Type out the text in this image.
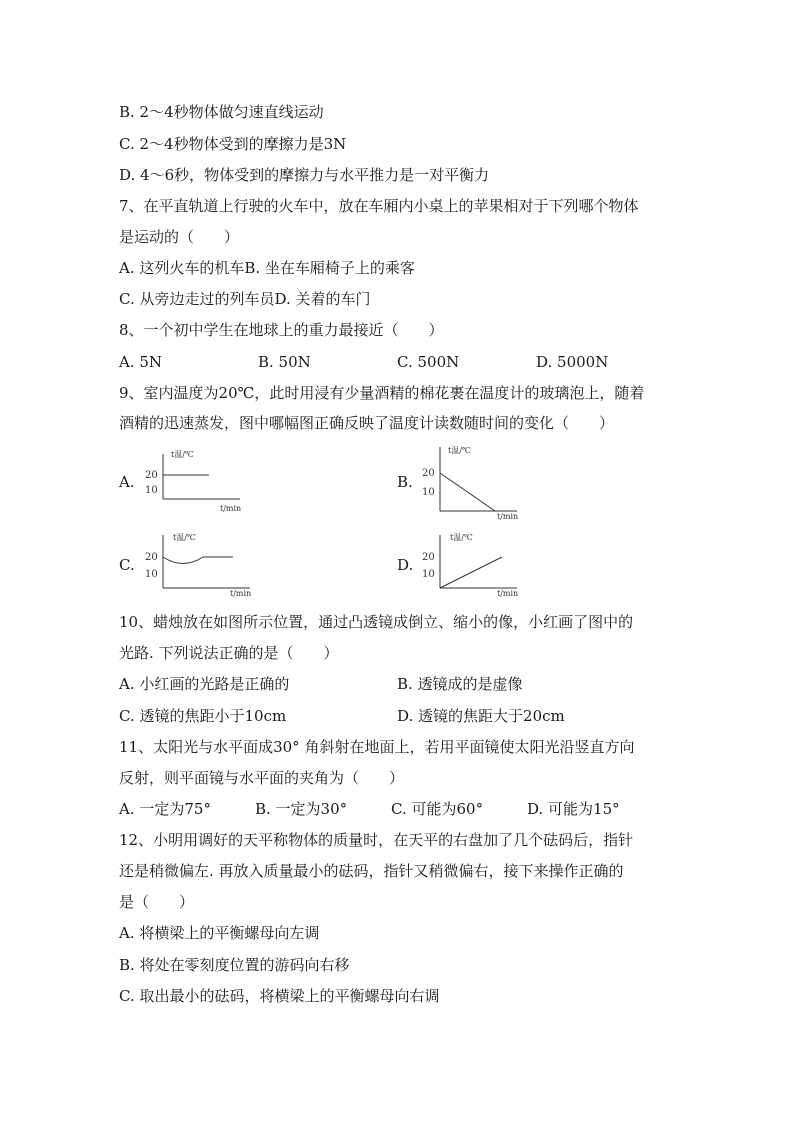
B. 2～4秒物体做匀速直线运动
C. 2～4秒物体受到的摩擦力是3N
D. 4～6秒，物体受到的摩擦力与水平推力是一对平衡力
7、在平直轨道上行驶的火车中，放在车厢内小桌上的苹果相对于下列哪个物体
是运动的（　　）
A. 这列火车的机车B. 坐在车厢椅子上的乘客
C. 从旁边走过的列车员D. 关着的车门
8、一个初中学生在地球上的重力最接近（　　）
A. 5N	B. 50N	C. 500N	D. 5000N
9、室内温度为20℃，此时用浸有少量酒精的棉花裹在温度计的玻璃泡上，随着
酒精的迅速蒸发，图中哪幅图正确反映了温度计读数随时间的变化（　　）
A.
t温/℃
20
10
t/min
B.
t温/℃
20
10
t/min
C.
t温/℃
20
10
t/min
D.
t温/℃
20
10
t/min
10、蜡烛放在如图所示位置，通过凸透镜成倒立、缩小的像，小红画了图中的
光路. 下列说法正确的是（　　）
A. 小红画的光路是正确的	B. 透镜成的是虚像
C. 透镜的焦距小于10cm	D. 透镜的焦距大于20cm
11、太阳光与水平面成30° 角斜射在地面上，若用平面镜使太阳光沿竖直方向
反射，则平面镜与水平面的夹角为（　　）
A. 一定为75°	B. 一定为30°	C. 可能为60°	D. 可能为15°
12、小明用调好的天平称物体的质量时，在天平的右盘加了几个砝码后，指针
还是稍微偏左. 再放入质量最小的砝码，指针又稍微偏右，接下来操作正确的
是（　　）
A. 将横梁上的平衡螺母向左调
B. 将处在零刻度位置的游码向右移
C. 取出最小的砝码，将横梁上的平衡螺母向右调
